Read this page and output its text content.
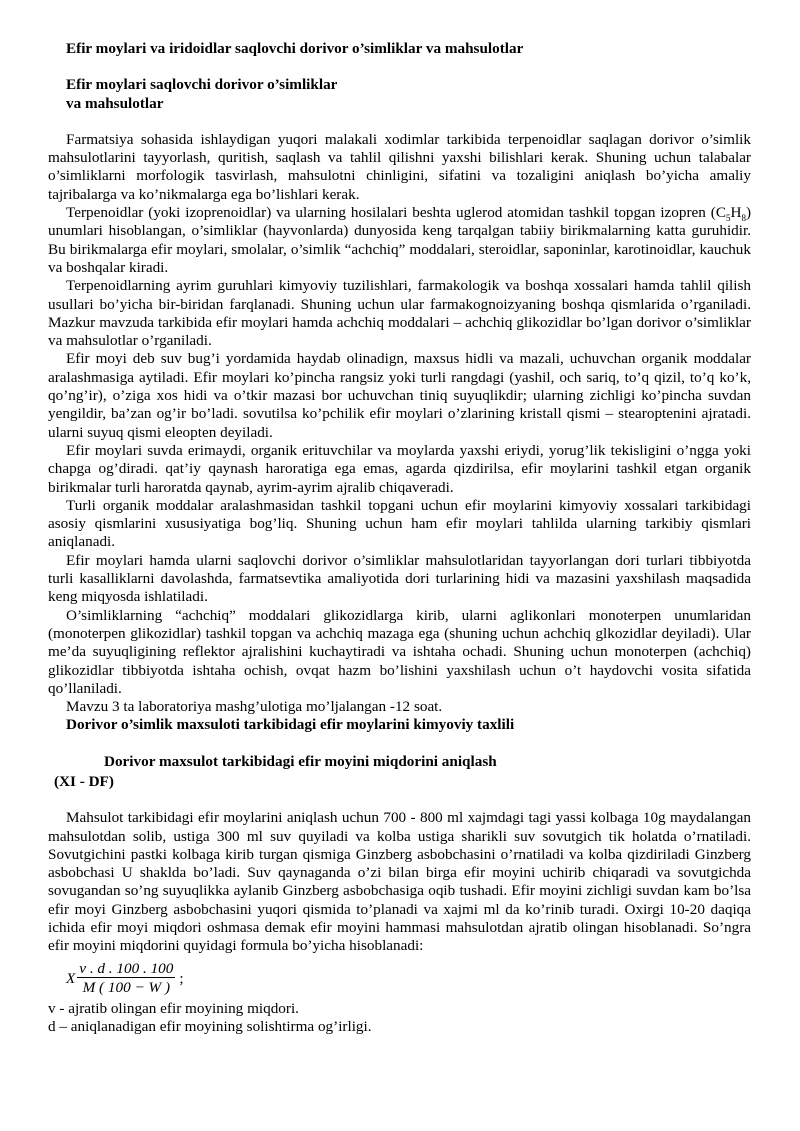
Efir moylari va iridoidlar saqlovchi dorivor o’simliklar va mahsulotlar

Efir moylari saqlovchi dorivor o’simliklar

va mahsulotlar

Farmatsiya sohasida ishlaydigan yuqori malakali xodimlar tarkibida terpenoidlar saqlagan dorivor o’simlik mahsulotlarini tayyorlash, quritish, saqlash va tahlil qilishni yaxshi bilishlari kerak. Shuning uchun talabalar o’simliklarni morfologik tasvirlash, mahsulotni chinligini, sifatini va tozaligini aniqlash bo’yicha amaliy tajribalarga va ko’nikmalarga ega bo’lishlari kerak.

Terpenoidlar (yoki izoprenoidlar) va ularning hosilalari beshta uglerod atomidan tashkil topgan izopren $(C_5H_8)$ unumlari hisoblangan, o’simliklar (hayvonlarda) dunyosida keng tarqalgan tabiiy birikmalarning katta guruhidir. Bu birikmalarga efir moylari, smolalar, o’simlik “achchiq” moddalari, steroidlar, saponinlar, karotinoidlar, kauchuk va boshqalar kiradi.

Terpenoidlarning ayrim guruhlari kimyoviy tuzilishlari, farmakologik va boshqa xossalari hamda tahlil qilish usullari bo’yicha bir-biridan farqlanadi. Shuning uchun ular farmakognoizyaning boshqa qismlarida o’rganiladi. Mazkur mavzuda tarkibida efir moylari hamda achchiq moddalari – achchiq glikozidlar bo’lgan dorivor o’simliklar va mahsulotlar o’rganiladi.

Efir moyi deb suv bug’i yordamida haydab olinadign, maxsus hidli va mazali, uchuvchan organik moddalar aralashmasiga aytiladi. Efir moylari ko’pincha rangsiz yoki turli rangdagi (yashil, och sariq, to’q qizil, to’q ko’k, qo’ng’ir), o’ziga xos hidi va o’tkir mazasi bor uchuvchan tiniq suyuqlikdir; ularning zichligi ko’pincha suvdan yengildir, ba’zan og’ir bo’ladi. sovutilsa ko’pchilik efir moylari o’zlarining kristall qismi – stearoptenini ajratadi. ularni suyuq qismi eleopten deyiladi.

Efir moylari suvda erimaydi, organik erituvchilar va moylarda yaxshi eriydi, yorug’lik tekisligini o’ngga yoki chapga og’diradi. qat’iy qaynash haroratiga ega emas, agarda qizdirilsa, efir moylarini tashkil etgan organik birikmalar turli haroratda qaynab, ayrim-ayrim ajralib chiqaveradi.

Turli organik moddalar aralashmasidan tashkil topgani uchun efir moylarini kimyoviy xossalari tarkibidagi asosiy qismlarini xususiyatiga bog’liq. Shuning uchun ham efir moylari tahlilda ularning tarkibiy qismlari aniqlanadi.

Efir moylari hamda ularni saqlovchi dorivor o’simliklar mahsulotlaridan tayyorlangan dori turlari tibbiyotda turli kasalliklarni davolashda, farmatsevtika amaliyotida dori turlarining hidi va mazasini yaxshilash maqsadida keng miqyosda ishlatiladi.

O’simliklarning “achchiq” moddalari glikozidlarga kirib, ularni aglikonlari monoterpen unumlaridan (monoterpen glikozidlar) tashkil topgan va achchiq mazaga ega (shuning uchun achchiq glkozidlar deyiladi). Ular me’da suyuqligining reflektor ajralishini kuchaytiradi va ishtaha ochadi. Shuning uchun monoterpen (achchiq) glikozidlar tibbiyotda ishtaha ochish, ovqat hazm bo’lishini yaxshilash uchun o’t haydovchi vosita sifatida qo’llaniladi.

Mavzu 3 ta laboratoriya mashg’ulotiga mo’ljalangan -12 soat.

Dorivor o’simlik maxsuloti tarkibidagi efir moylarini kimyoviy taxlili

Dorivor maxsulot tarkibidagi efir moyini miqdorini aniqlash

(XI - DF)

Mahsulot tarkibidagi efir moylarini aniqlash uchun 700 - 800 ml xajmdagi tagi yassi kolbaga 10g maydalangan mahsulotdan solib, ustiga 300 ml suv quyiladi va kolba ustiga sharikli suv sovutgich tik holatda o’rnatiladi. Sovutgichini pastki kolbaga kirib turgan qismiga Ginzberg asbobchasini o’rnatiladi va kolba qizdiriladi Ginzberg asbobchasi U shaklda bo’ladi. Suv qaynaganda o’zi bilan birga efir moyini uchirib chiqaradi va sovutgichda sovugandan so’ng suyuqlikka aylanib Ginzberg asbobchasiga oqib tushadi. Efir moyini zichligi suvdan kam bo’lsa efir moyi Ginzberg asbobchasini yuqori qismida to’planadi va xajmi ml da ko’rinib turadi. Oxirgi 10-20 daqiqa ichida efir moyi miqdori oshmasa demak efir moyini hammasi mahsulotdan ajratib olingan hisoblanadi. So’ngra efir moyini miqdorini quyidagi formula bo’yicha hisoblanadi:

X $\frac{v . d . 100 . 100}{M ( 100 - W )}$ ;

v - ajratib olingan efir moyining miqdori.

d – aniqlanadigan efir moyining solishtirma og’irligi.
